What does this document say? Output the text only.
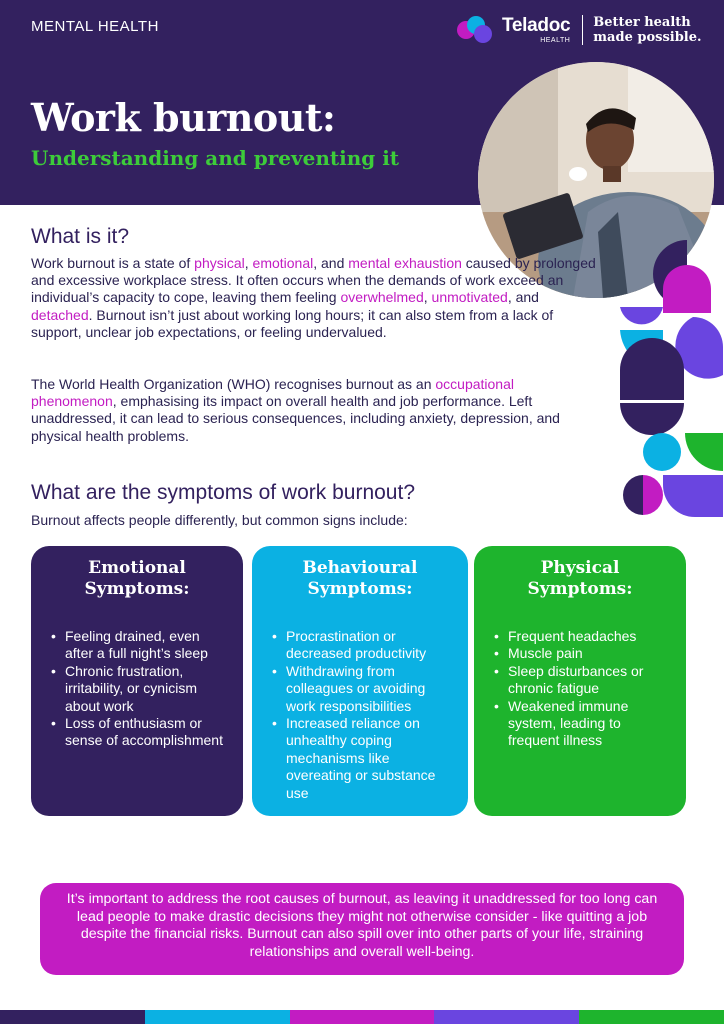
MENTAL HEALTH	Teladoc
HEALTH
Better health
made possible.
Work burnout:
Understanding and preventing it
What is it?
Work burnout is a state of physical, emotional, and mental exhaustion caused by prolonged and excessive workplace stress. It often occurs when the demands of work exceed an individual’s capacity to cope, leaving them feeling overwhelmed, unmotivated, and detached. Burnout isn’t just about working long hours; it can also stem from a lack of support, unclear job expectations, or feeling undervalued.
The World Health Organization (WHO) recognises burnout as an occupational phenomenon, emphasising its impact on overall health and job performance. Left unaddressed, it can lead to serious consequences, including anxiety, depression, and physical health problems.
What are the symptoms of work burnout?
Burnout affects people differently, but common signs include:
Emotional
Symptoms:
• Feeling drained, even after a full night’s sleep
• Chronic frustration, irritability, or cynicism about work
• Loss of enthusiasm or sense of accomplishment
Behavioural
Symptoms:
• Procrastination or decreased productivity
• Withdrawing from colleagues or avoiding work responsibilities
• Increased reliance on unhealthy coping mechanisms like overeating or substance use
Physical
Symptoms:
• Frequent headaches
• Muscle pain
• Sleep disturbances or chronic fatigue
• Weakened immune system, leading to frequent illness
It’s important to address the root causes of burnout, as leaving it unaddressed for too long can lead people to make drastic decisions they might not otherwise consider - like quitting a job despite the financial risks. Burnout can also spill over into other parts of your life, straining relationships and overall well-being.
